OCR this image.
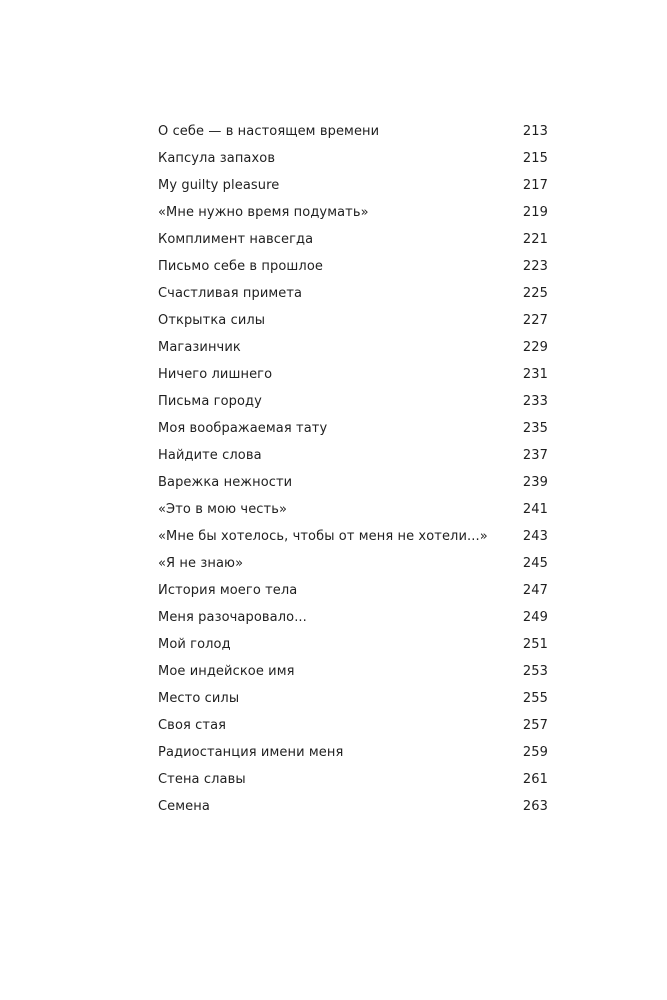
О себе — в настоящем времени	213
Капсула запахов	215
My guilty pleasure	217
«Мне нужно время подумать»	219
Комплимент навсегда	221
Письмо себе в прошлое	223
Счастливая примета	225
Открытка силы	227
Магазинчик	229
Ничего лишнего	231
Письма городу	233
Моя воображаемая тату	235
Найдите слова	237
Варежка нежности	239
«Это в мою честь»	241
«Мне бы хотелось, чтобы от меня не хотели...»	243
«Я не знаю»	245
История моего тела	247
Меня разочаровало...	249
Мой голод	251
Мое индейское имя	253
Место силы	255
Своя стая	257
Радиостанция имени меня	259
Стена славы	261
Семена	263
